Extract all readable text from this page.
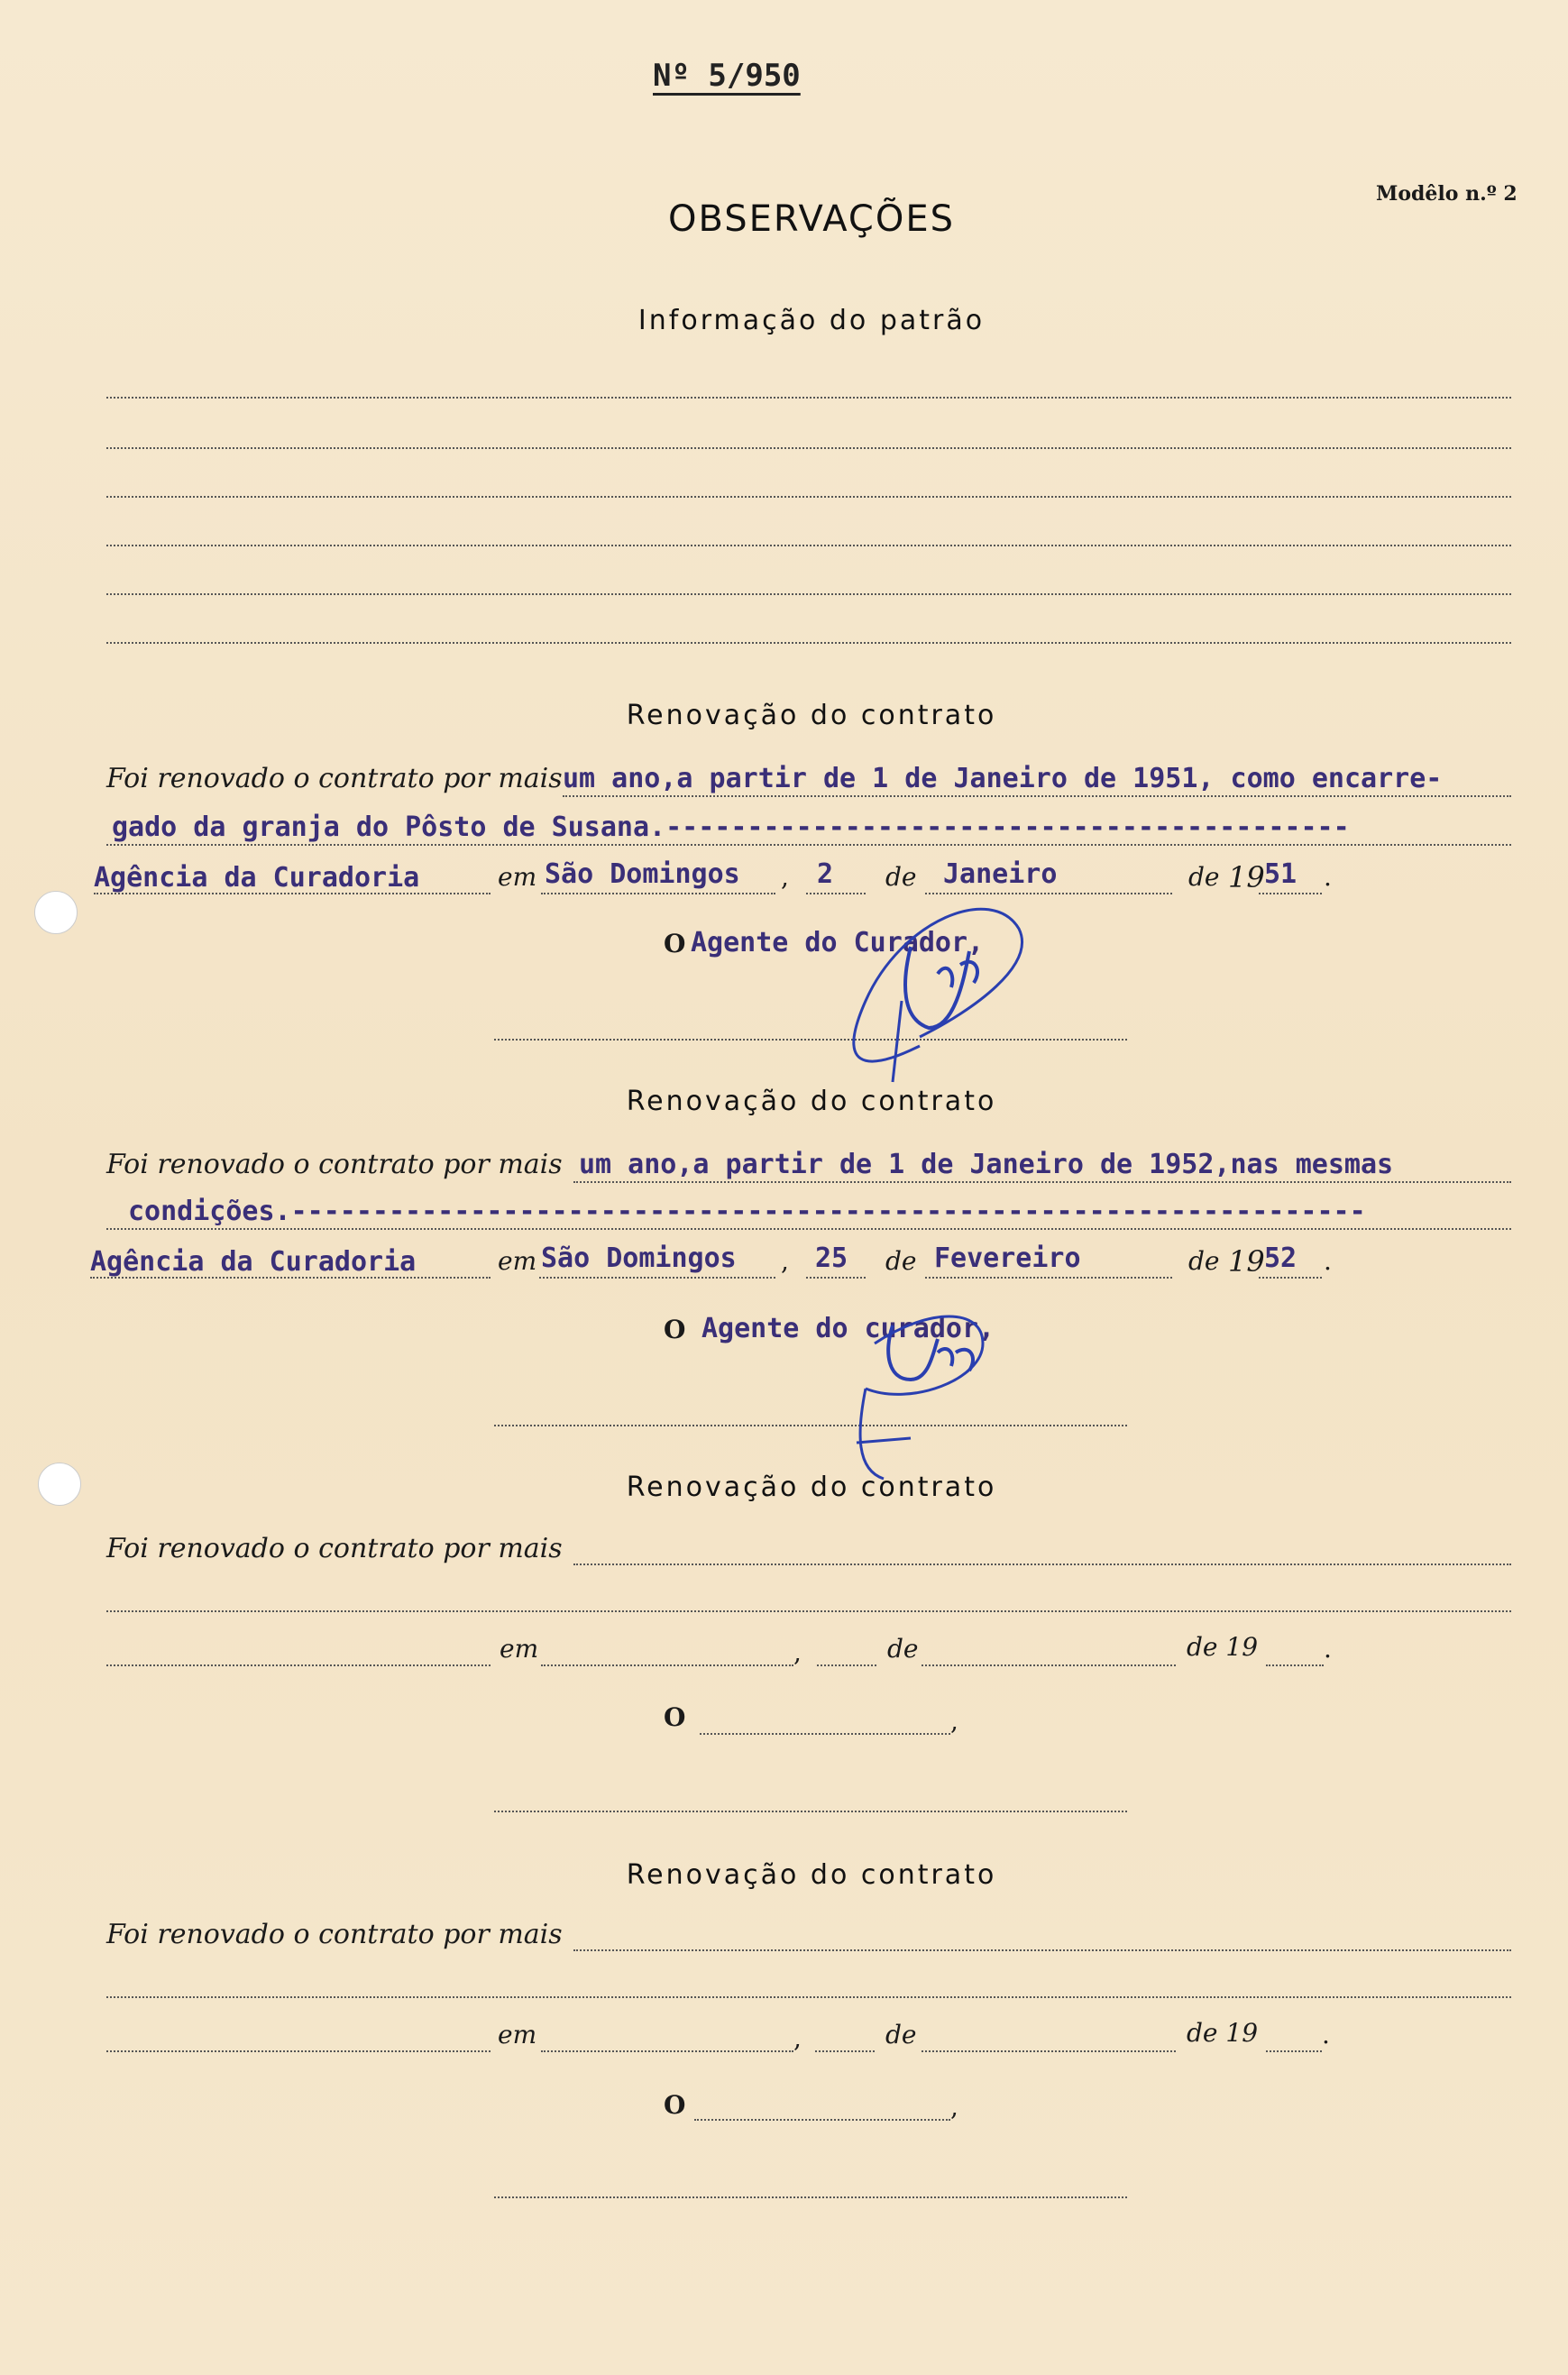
Nº 5/950
Modêlo n.º 2
OBSERVAÇÕES
Informação do patrão
Renovação do contrato
Foi renovado o contrato por mais um ano,a partir de 1 de Janeiro de 1951, como encarre-
gado da granja do Pôsto de Susana.------------------------------------------
Agência da Curadoria	em São Domingos , 2 de Janeiro	de 19 51 .
O Agente do Curador,
Renovação do contrato
Foi renovado o contrato por mais um ano,a partir de 1 de Janeiro de 1952,nas mesmas
condições.------------------------------------------------------------------
Agência da Curadoria	em São Domingos , 25 de Fevereiro	de 19 52 .
O Agente do curador,
Renovação do contrato
Foi renovado o contrato por mais
em	,	de	de 19	.
O	,
Renovação do contrato
Foi renovado o contrato por mais
em	,	de	de 19	.
O	,
